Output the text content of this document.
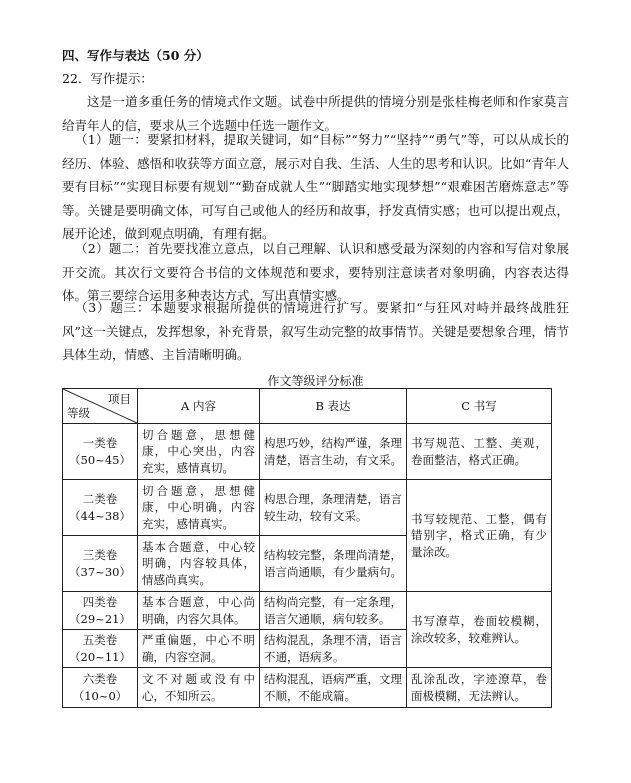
四、写作与表达（50 分）
22．写作提示：
这是一道多重任务的情境式作文题。试卷中所提供的情境分别是张桂梅老师和作家莫言给青年人的信，要求从三个选题中任选一题作文。
（1）题一：要紧扣材料，提取关键词，如“目标”“努力”“坚持”“勇气”等，可以从成长的经历、体验、感悟和收获等方面立意，展示对自我、生活、人生的思考和认识。比如“青年人要有目标”“实现目标要有规划”“勤奋成就人生”“脚踏实地实现梦想”“艰难困苦磨炼意志”等等。关键是要明确文体，可写自己或他人的经历和故事，抒发真情实感；也可以提出观点，展开论述，做到观点明确，有理有据。
（2）题二：首先要找准立意点，以自己理解、认识和感受最为深刻的内容和写信对象展开交流。其次行文要符合书信的文体规范和要求，要特别注意读者对象明确，内容表达得体。第三要综合运用多种表达方式，写出真情实感。
（3）题三：本题要求根据所提供的情境进行扩写。要紧扣“与狂风对峙并最终战胜狂风”这一关键点，发挥想象，补充背景，叙写生动完整的故事情节。关键是要想象合理，情节具体生动，情感、主旨清晰明确。
作文等级评分标准
项目
等级	A 内容	B 表达	C 书写

一类卷
（50~45）	切合题意，思想健康，中心突出，内容充实，感情真切。	构思巧妙，结构严谨，条理清楚，语言生动，有文采。	书写规范、工整、美观，卷面整洁，格式正确。

二类卷
（44~38）	切合题意，思想健康，中心明确，内容充实，感情真实。	构思合理，条理清楚，语言较生动，较有文采。	书写较规范、工整，偶有错别字，格式正确，有少量涂改。

三类卷
（37~30）	基本合题意，中心较明确，内容较具体，情感尚真实。	结构较完整，条理尚清楚，语言尚通顺，有少量病句。	

四类卷
（29~21）	基本合题意，中心尚明确，内容欠具体。	结构尚完整，有一定条理，语言欠通顺，病句较多。	书写潦草，卷面较模糊，涂改较多，较难辨认。

五类卷
（20~11）	严重偏题，中心不明确，内容空洞。	结构混乱，条理不清，语言不通，语病多。	

六类卷
（10~0）	文不对题或没有中心，不知所云。	结构混乱，语病严重，文理不顺，不能成篇。	乱涂乱改，字迹潦草，卷面极模糊，无法辨认。
